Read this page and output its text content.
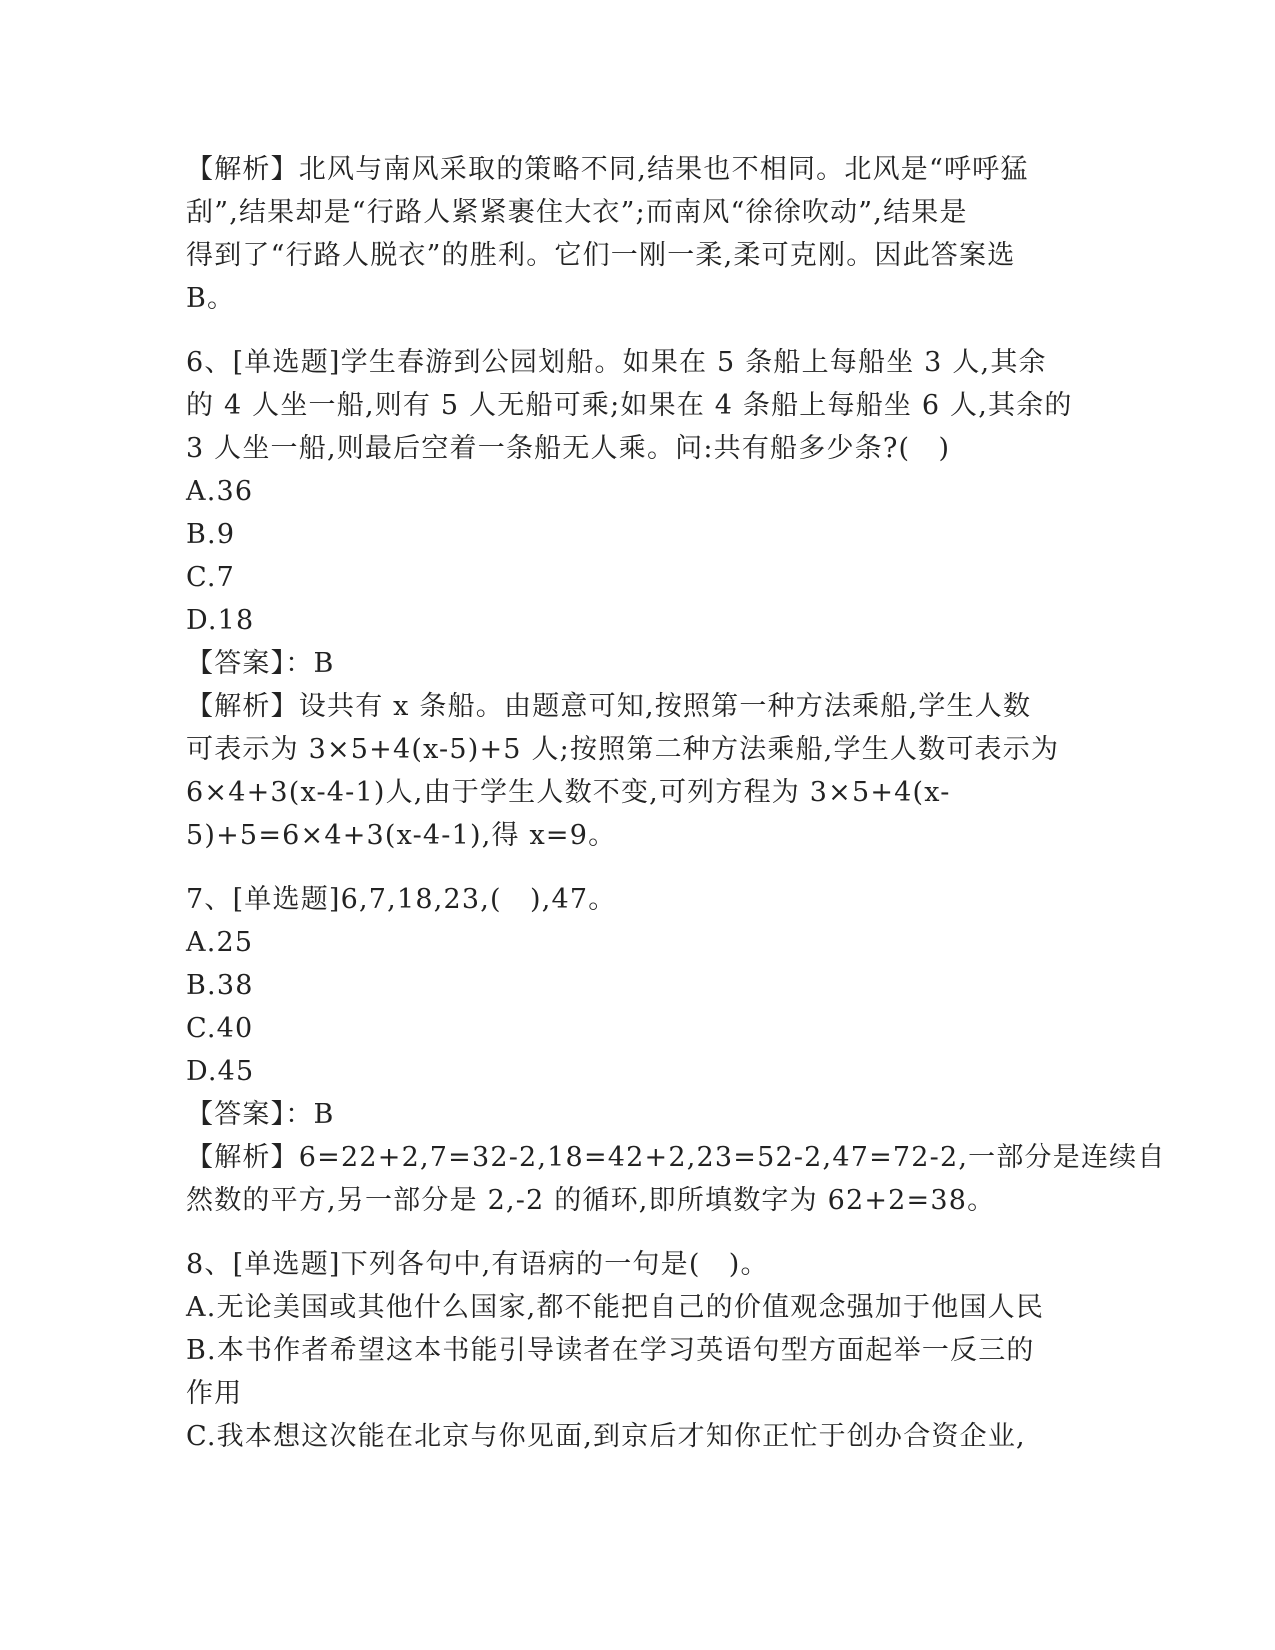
【解析】北风与南风采取的策略不同,结果也不相同。北风是“呼呼猛
刮”,结果却是“行路人紧紧裹住大衣”;而南风“徐徐吹动”,结果是
得到了“行路人脱衣”的胜利。它们一刚一柔,柔可克刚。因此答案选
B。
6、[单选题]学生春游到公园划船。如果在 5 条船上每船坐 3 人,其余
的 4 人坐一船,则有 5 人无船可乘;如果在 4 条船上每船坐 6 人,其余的
3 人坐一船,则最后空着一条船无人乘。问:共有船多少条?(　)
A.36
B.9
C.7
D.18
【答案】：B
【解析】设共有 x 条船。由题意可知,按照第一种方法乘船,学生人数
可表示为 3×5+4(x-5)+5 人;按照第二种方法乘船,学生人数可表示为
6×4+3(x-4-1)人,由于学生人数不变,可列方程为 3×5+4(x-
5)+5=6×4+3(x-4-1),得 x=9。
7、[单选题]6,7,18,23,(　),47。
A.25
B.38
C.40
D.45
【答案】：B
【解析】6=22+2,7=32-2,18=42+2,23=52-2,47=72-2,一部分是连续自
然数的平方,另一部分是 2,-2 的循环,即所填数字为 62+2=38。
8、[单选题]下列各句中,有语病的一句是(　)。
A.无论美国或其他什么国家,都不能把自己的价值观念强加于他国人民
B.本书作者希望这本书能引导读者在学习英语句型方面起举一反三的
作用
C.我本想这次能在北京与你见面,到京后才知你正忙于创办合资企业,
